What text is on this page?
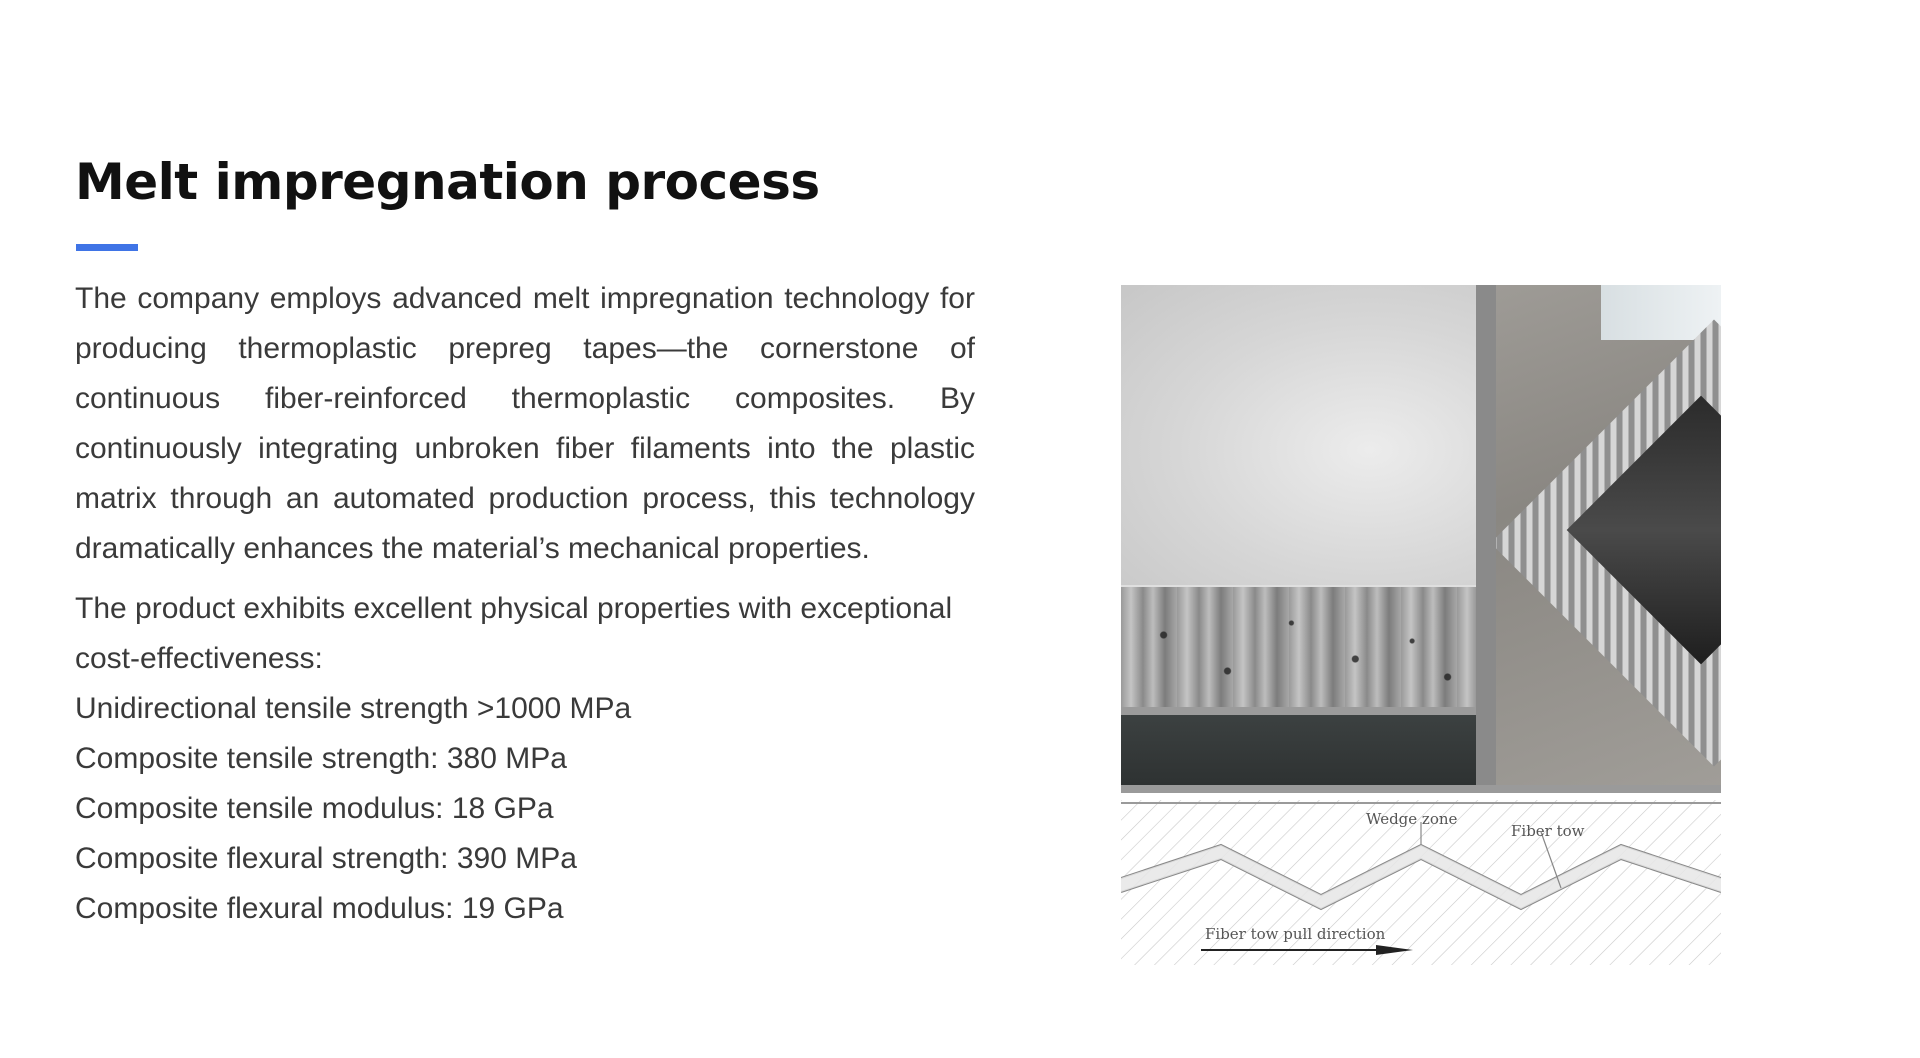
Melt impregnation process

The company employs advanced melt impregnation technology for producing thermoplastic prepreg tapes—the cornerstone of continuous fiber-reinforced thermoplastic composites. By continuously integrating unbroken fiber filaments into the plastic matrix through an automated production process, this technology dramatically enhances the material’s mechanical properties.

The product exhibits excellent physical properties with exceptional cost-effectiveness:

Unidirectional tensile strength >1000 MPa
Composite tensile strength: 380 MPa
Composite tensile modulus: 18 GPa
Composite flexural strength: 390 MPa
Composite flexural modulus: 19 GPa
Wedge zone
Fiber tow
Fiber tow pull direction
